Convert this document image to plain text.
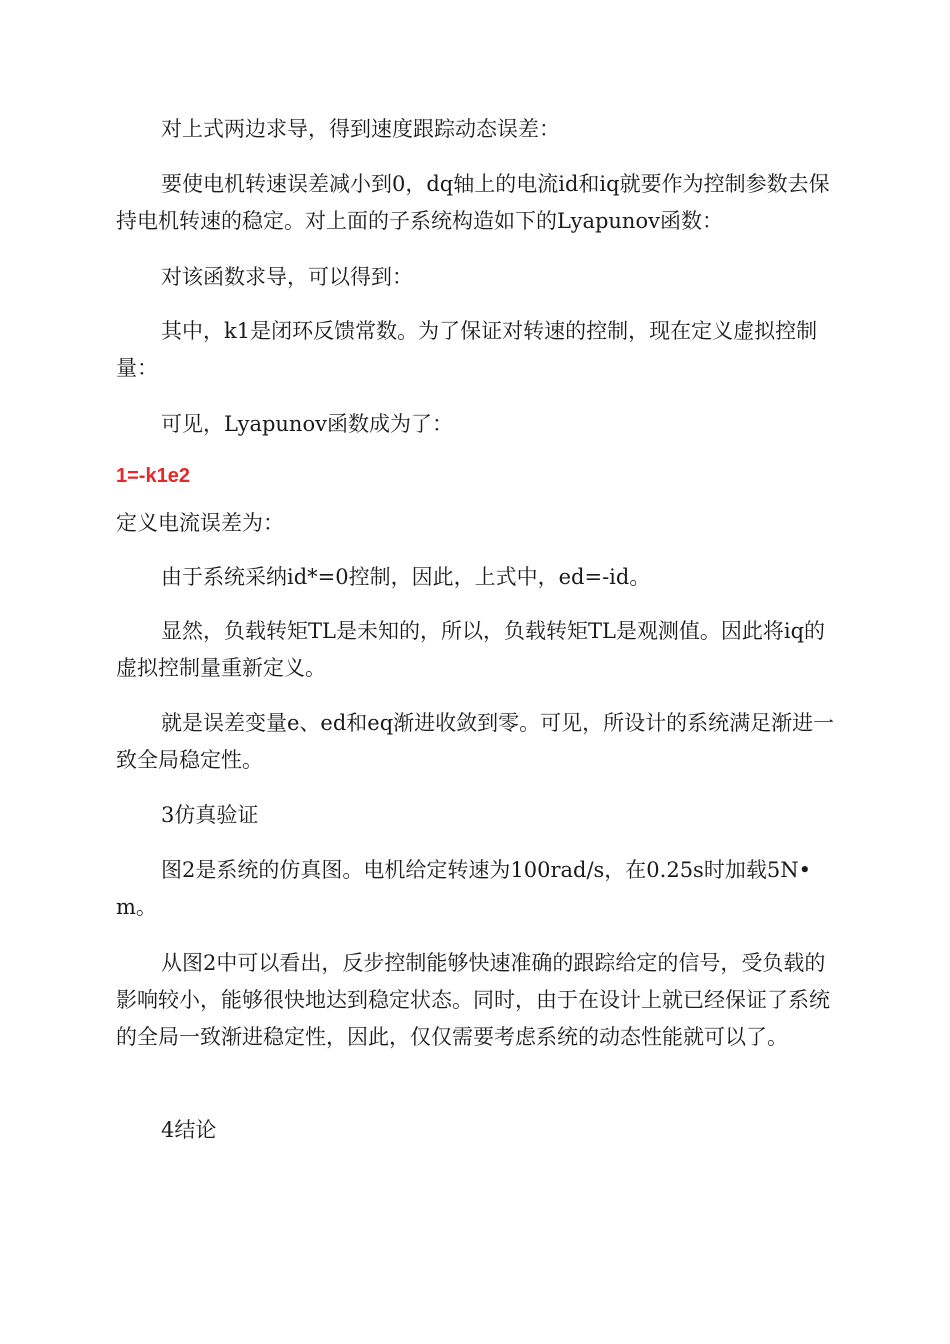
对上式两边求导，得到速度跟踪动态误差：

要使电机转速误差减小到0，dq轴上的电流id和iq就要作为控制参数去保持电机转速的稳定。对上面的子系统构造如下的Lyapunov函数：

对该函数求导，可以得到：

其中，k1是闭环反馈常数。为了保证对转速的控制，现在定义虚拟控制量：

可见，Lyapunov函数成为了：

1=-k1e2

定义电流误差为：

由于系统采纳id*=0控制，因此，上式中，ed=-id。

显然，负载转矩TL是未知的，所以，负载转矩TL是观测值。因此将iq的虚拟控制量重新定义。

就是误差变量e、ed和eq渐进收敛到零。可见，所设计的系统满足渐进一致全局稳定性。

3仿真验证

图2是系统的仿真图。电机给定转速为100rad/s，在0.25s时加载5N•m。

从图2中可以看出，反步控制能够快速准确的跟踪给定的信号，受负载的影响较小，能够很快地达到稳定状态。同时，由于在设计上就已经保证了系统的全局一致渐进稳定性，因此，仅仅需要考虑系统的动态性能就可以了。

4结论
